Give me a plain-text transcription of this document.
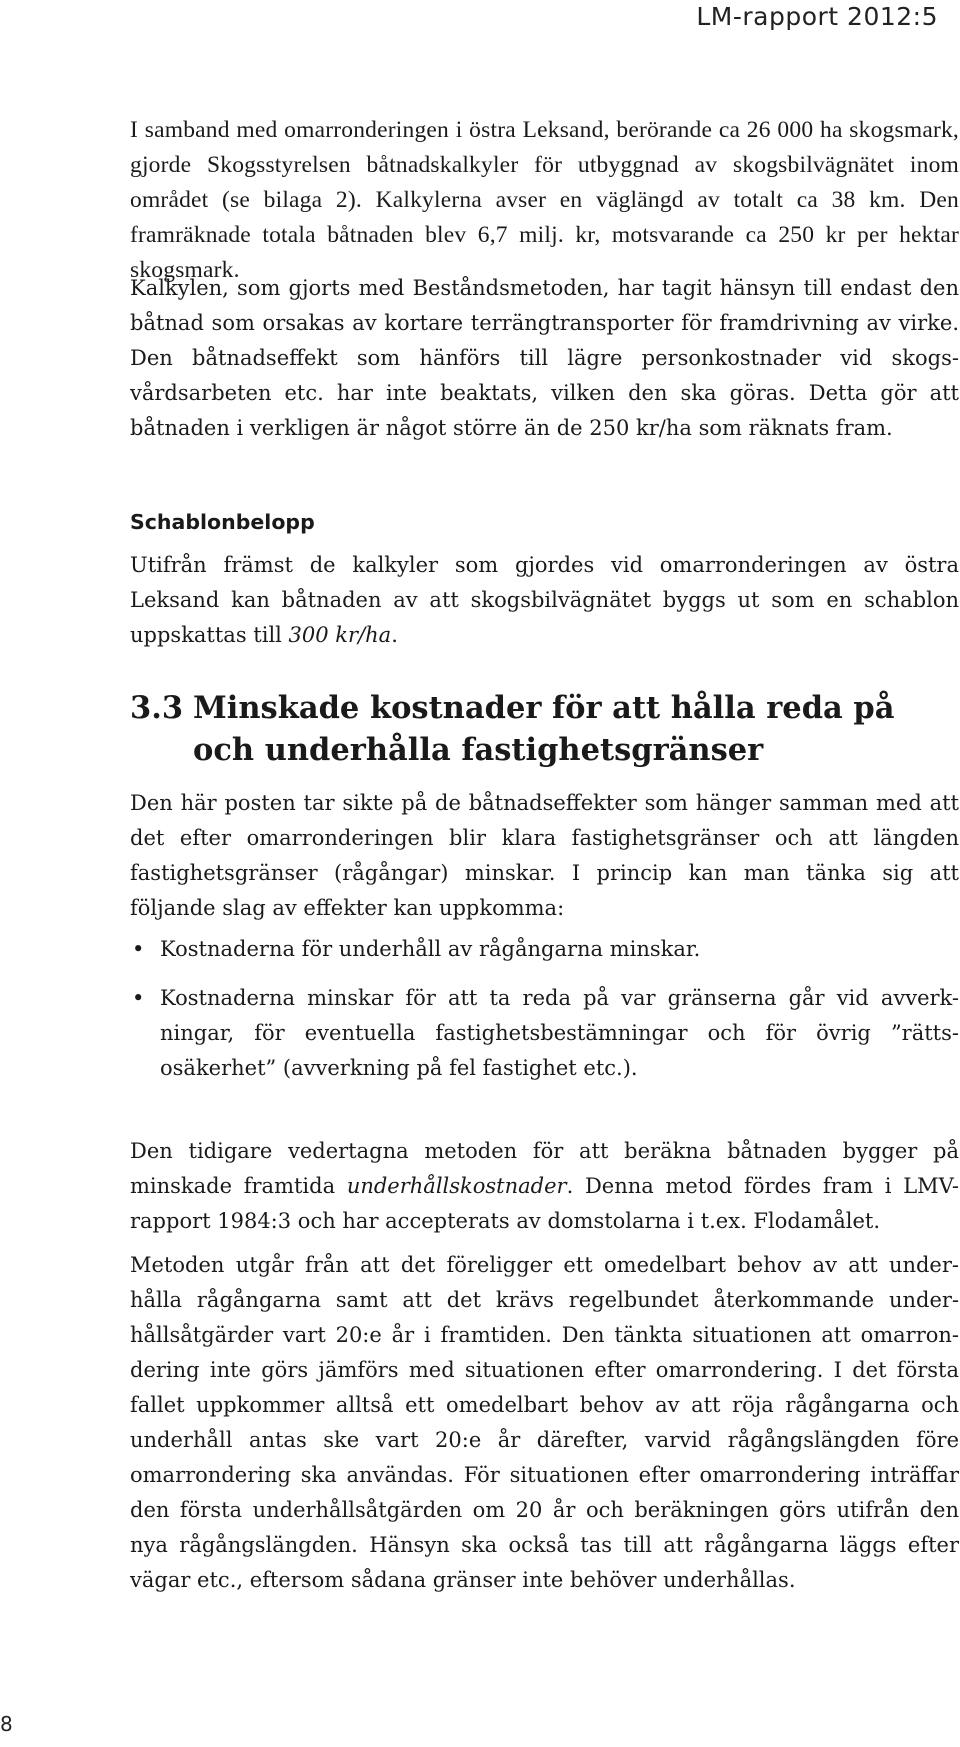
LM-rapport 2012:5

I samband med omarronderingen i östra Leksand, berörande ca 26 000 ha skogsmark, gjorde Skogsstyrelsen båtnadskalkyler för utbyggnad av skogsbilvägnätet inom området (se bilaga 2). Kalkylerna avser en väglängd av totalt ca 38 km. Den framräknade totala båtnaden blev 6,7 milj. kr, motsvarande ca 250 kr per hektar skogsmark.

Kalkylen, som gjorts med Beståndsmetoden, har tagit hänsyn till endast den båtnad som orsakas av kortare terrängtransporter för framdrivning av virke. Den båtnadseffekt som hänförs till lägre personkostnader vid skogs-vårdsarbeten etc. har inte beaktats, vilken den ska göras. Detta gör att båtnaden i verkligen är något större än de 250 kr/ha som räknats fram.

Schablonbelopp

Utifrån främst de kalkyler som gjordes vid omarronderingen av östra Leksand kan båtnaden av att skogsbilvägnätet byggs ut som en schablon uppskattas till 300 kr/ha.

3.3 Minskade kostnader för att hålla reda på och underhålla fastighetsgränser

Den här posten tar sikte på de båtnadseffekter som hänger samman med att det efter omarronderingen blir klara fastighetsgränser och att längden fastighetsgränser (rågångar) minskar. I princip kan man tänka sig att följande slag av effekter kan uppkomma:

• Kostnaderna för underhåll av rågångarna minskar.
• Kostnaderna minskar för att ta reda på var gränserna går vid avverk-ningar, för eventuella fastighetsbestämningar och för övrig ”rätts-osäkerhet” (avverkning på fel fastighet etc.).

Den tidigare vedertagna metoden för att beräkna båtnaden bygger på minskade framtida underhållskostnader. Denna metod fördes fram i LMV-rapport 1984:3 och har accepterats av domstolarna i t.ex. Flodamålet.

Metoden utgår från att det föreligger ett omedelbart behov av att under-hålla rågångarna samt att det krävs regelbundet återkommande under-hållsåtgärder vart 20:e år i framtiden. Den tänkta situationen att omarron-dering inte görs jämförs med situationen efter omarrondering. I det första fallet uppkommer alltså ett omedelbart behov av att röja rågångarna och underhåll antas ske vart 20:e år därefter, varvid rågångslängden före omarrondering ska användas. För situationen efter omarrondering inträffar den första underhållsåtgärden om 20 år och beräkningen görs utifrån den nya rågångslängden. Hänsyn ska också tas till att rågångarna läggs efter vägar etc., eftersom sådana gränser inte behöver underhållas.

8
